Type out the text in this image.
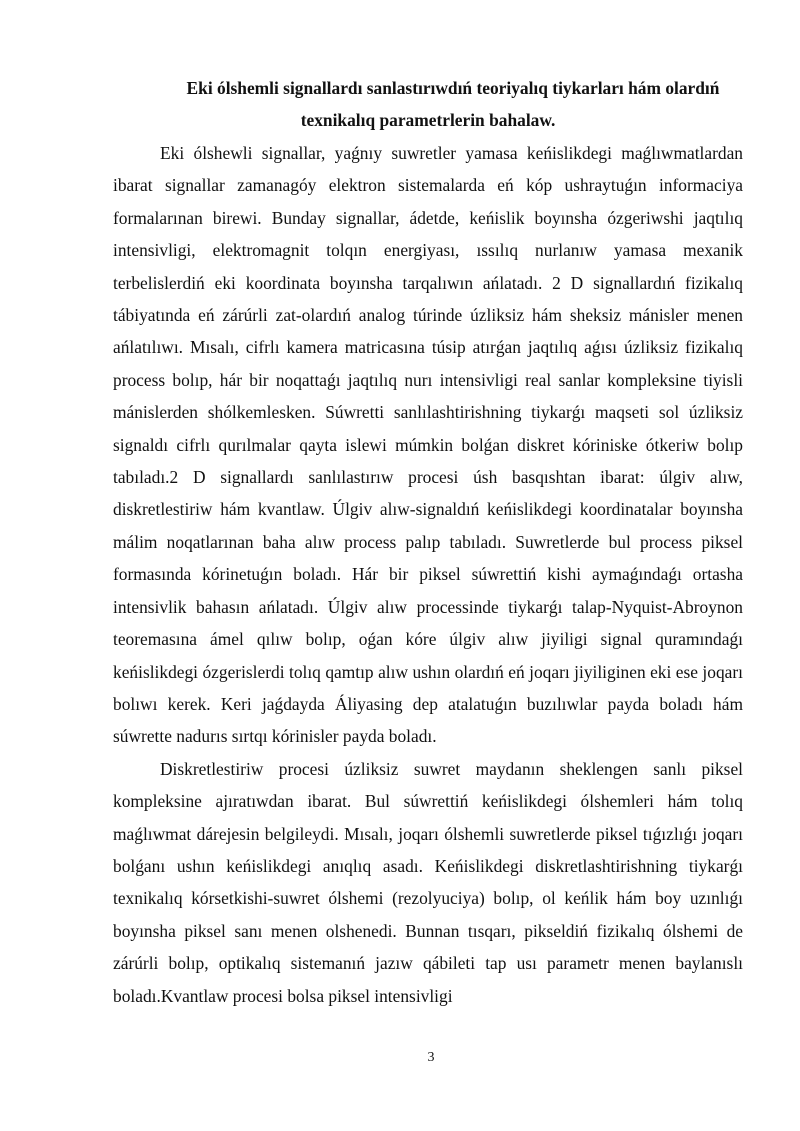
Eki ólshemli signallardı sanlastırıwdıń teoriyalıq tiykarları hám olardıń
texnikalıq parametrlerin bahalaw.

Eki ólshewli signallar, yaǵnıy suwretler yamasa keńislikdegi maǵlıwmatlardan ibarat signallar zamanagóy elektron sistemalarda eń kóp ushraytuǵın informaciya formalarınan birewi. Bunday signallar, ádetde, keńislik boyınsha ózgeriwshi jaqtılıq intensivligi, elektromagnit tolqın energiyası, ıssılıq nurlanıw yamasa mexanik terbelislerdiń eki koordinata boyınsha tarqalıwın ańlatadı. 2 D signallardıń fizikalıq tábiyatında eń zárúrli zat-olardıń analog túrinde úzliksiz hám sheksiz mánisler menen ańlatılıwı. Mısalı, cifrlı kamera matricasına túsip atırǵan jaqtılıq aǵısı úzliksiz fizikalıq process bolıp, hár bir noqattaǵı jaqtılıq nurı intensivligi real sanlar kompleksine tiyisli mánislerden shólkemlesken. Súwretti sanlılashtirishning tiykarǵı maqseti sol úzliksiz signaldı cifrlı qurılmalar qayta islewi múmkin bolǵan diskret kóriniske ótkeriw bolıp tabıladı.2 D signallardı sanlılastırıw procesi úsh basqıshtan ibarat: úlgiv alıw, diskretlestiriw hám kvantlaw. Úlgiv alıw-signaldıń keńislikdegi koordinatalar boyınsha málim noqatlarınan baha alıw process palıp tabıladı. Suwretlerde bul process piksel formasında kórinetuǵın boladı. Hár bir piksel súwrettiń kishi aymaǵındaǵı ortasha intensivlik bahasın ańlatadı. Úlgiv alıw processinde tiykarǵı talap-Nyquist-Abroynon teoremasına ámel qılıw bolıp, oǵan kóre úlgiv alıw jiyiligi signal quramındaǵı keńislikdegi ózgerislerdi tolıq qamtıp alıw ushın olardıń eń joqarı jiyiliginen eki ese joqarı bolıwı kerek. Keri jaǵdayda Áliyasing dep atalatuǵın buzılıwlar payda boladı hám súwrette nadurıs sırtqı kórinisler payda boladı.

Diskretlestiriw procesi úzliksiz suwret maydanın sheklengen sanlı piksel kompleksine ajıratıwdan ibarat. Bul súwrettiń keńislikdegi ólshemleri hám tolıq maǵlıwmat dárejesin belgileydi. Mısalı, joqarı ólshemli suwretlerde piksel tıǵızlıǵı joqarı bolǵanı ushın keńislikdegi anıqlıq asadı. Keńislikdegi diskretlashtirishning tiykarǵı texnikalıq kórsetkishi-suwret ólshemi (rezolyuciya) bolıp, ol keńlik hám boy uzınlıǵı boyınsha piksel sanı menen olshenedi. Bunnan tısqarı, pikseldiń fizikalıq ólshemi de zárúrli bolıp, optikalıq sistemanıń jazıw qábileti tap usı parametr menen baylanıslı boladı.Kvantlaw procesi bolsa piksel intensivligi

3
